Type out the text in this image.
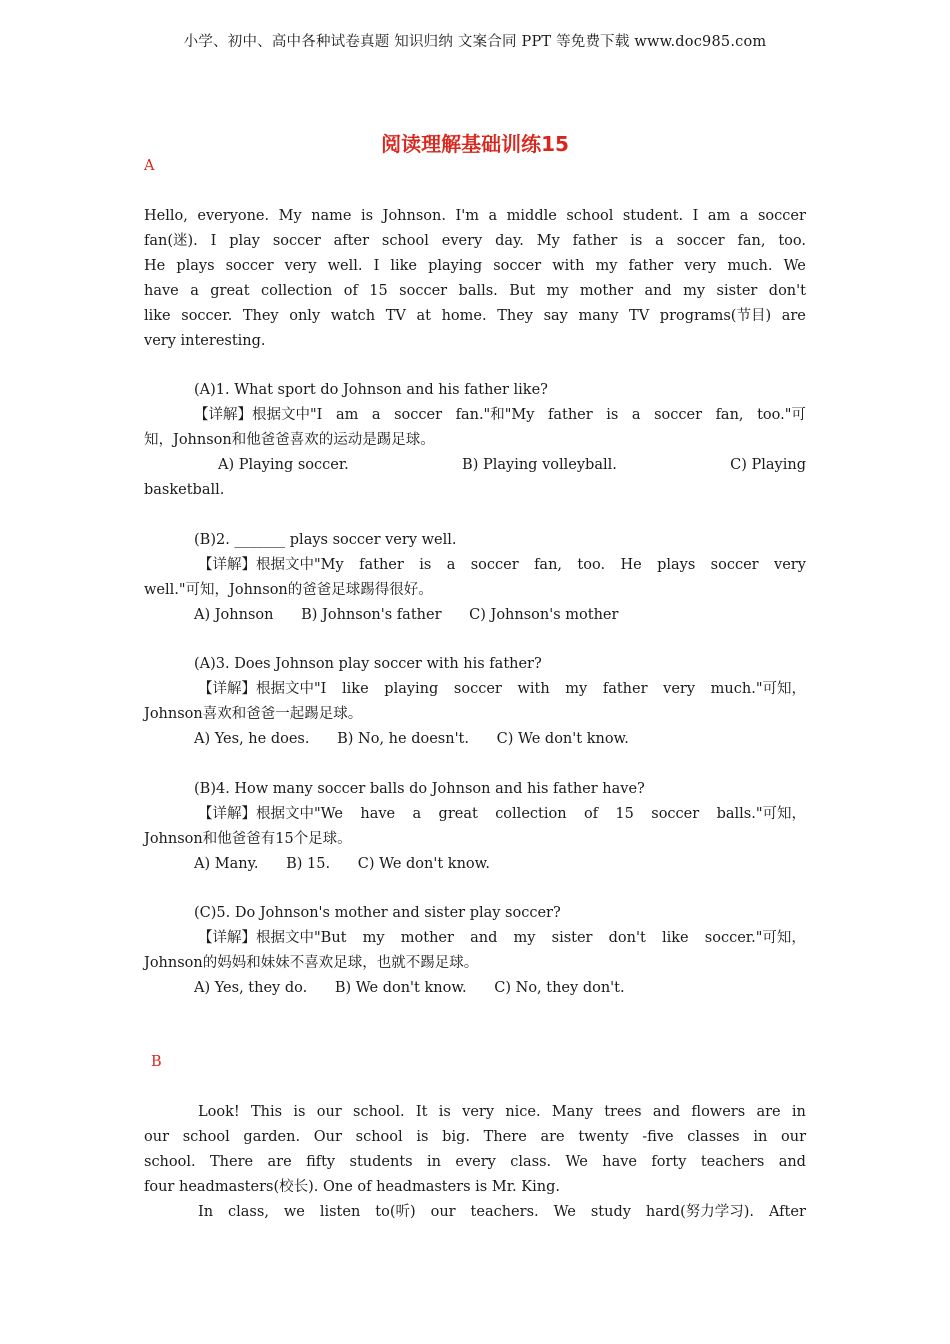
小学、初中、高中各种试卷真题 知识归纳 文案合同 PPT 等免费下载 www.doc985.com
阅读理解基础训练15
A
Hello, everyone. My name is Johnson. I'm a middle school student. I am a soccer
fan(迷). I play soccer after school every day. My father is a soccer fan, too.
He plays soccer very well. I like playing soccer with my father very much. We
have a great collection of 15 soccer balls. But my mother and my sister don't
like soccer. They only watch TV at home. They say many TV programs(节目) are
very interesting.
(A)1. What sport do Johnson and his father like?
【详解】根据文中"I am a soccer fan."和"My father is a soccer fan, too."可
知，Johnson和他爸爸喜欢的运动是踢足球。
A) Playing soccer.	B) Playing volleyball.	C) Playing
basketball.
(B)2. _______ plays soccer very well.
【详解】根据文中"My father is a soccer fan, too. He plays soccer very
well."可知，Johnson的爸爸足球踢得很好。
A) Johnson      B) Johnson's father      C) Johnson's mother
(A)3. Does Johnson play soccer with his father?
【详解】根据文中"I like playing soccer with my father very much."可知，
Johnson喜欢和爸爸一起踢足球。
A) Yes, he does.      B) No, he doesn't.      C) We don't know.
(B)4. How many soccer balls do Johnson and his father have?
【详解】根据文中"We have a great collection of 15 soccer balls."可知，
Johnson和他爸爸有15个足球。
A) Many.      B) 15.      C) We don't know.
(C)5. Do Johnson's mother and sister play soccer?
【详解】根据文中"But my mother and my sister don't like soccer."可知，
Johnson的妈妈和妹妹不喜欢足球，也就不踢足球。
A) Yes, they do.      B) We don't know.      C) No, they don't.
B
Look! This is our school. It is very nice. Many trees and flowers are in
our school garden. Our school is big. There are twenty -five classes in our
school. There are fifty students in every class. We have forty teachers and
four headmasters(校长). One of headmasters is Mr. King.
In class, we listen to(听) our teachers. We study hard(努力学习). After
